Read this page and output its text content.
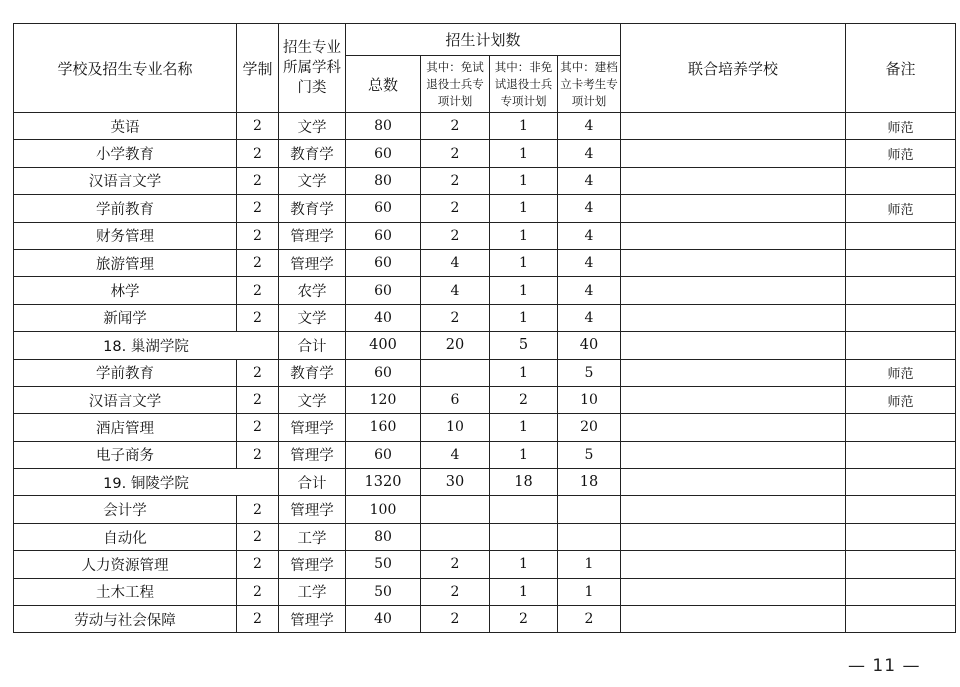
学校及招生专业名称	学制	招生专业所属学科门类	招生计划数				联合培养学校	备注
			总数	其中：免试退役士兵专项计划	其中：非免试退役士兵专项计划	其中：建档立卡考生专项计划		

英语	2	文学	80	2	1	4		师范
小学教育	2	教育学	60	2	1	4		师范
汉语言文学	2	文学	80	2	1	4		
学前教育	2	教育学	60	2	1	4		师范
财务管理	2	管理学	60	2	1	4		
旅游管理	2	管理学	60	4	1	4		
林学	2	农学	60	4	1	4		
新闻学	2	文学	40	2	1	4		
18. 巢湖学院		合计	400	20	5	40		
学前教育	2	教育学	60		1	5		师范
汉语言文学	2	文学	120	6	2	10		师范
酒店管理	2	管理学	160	10	1	20		
电子商务	2	管理学	60	4	1	5		
19. 铜陵学院		合计	1320	30	18	18		
会计学	2	管理学	100					
自动化	2	工学	80					
人力资源管理	2	管理学	50	2	1	1		
土木工程	2	工学	50	2	1	1		
劳动与社会保障	2	管理学	40	2	2	2		
— 11 —
